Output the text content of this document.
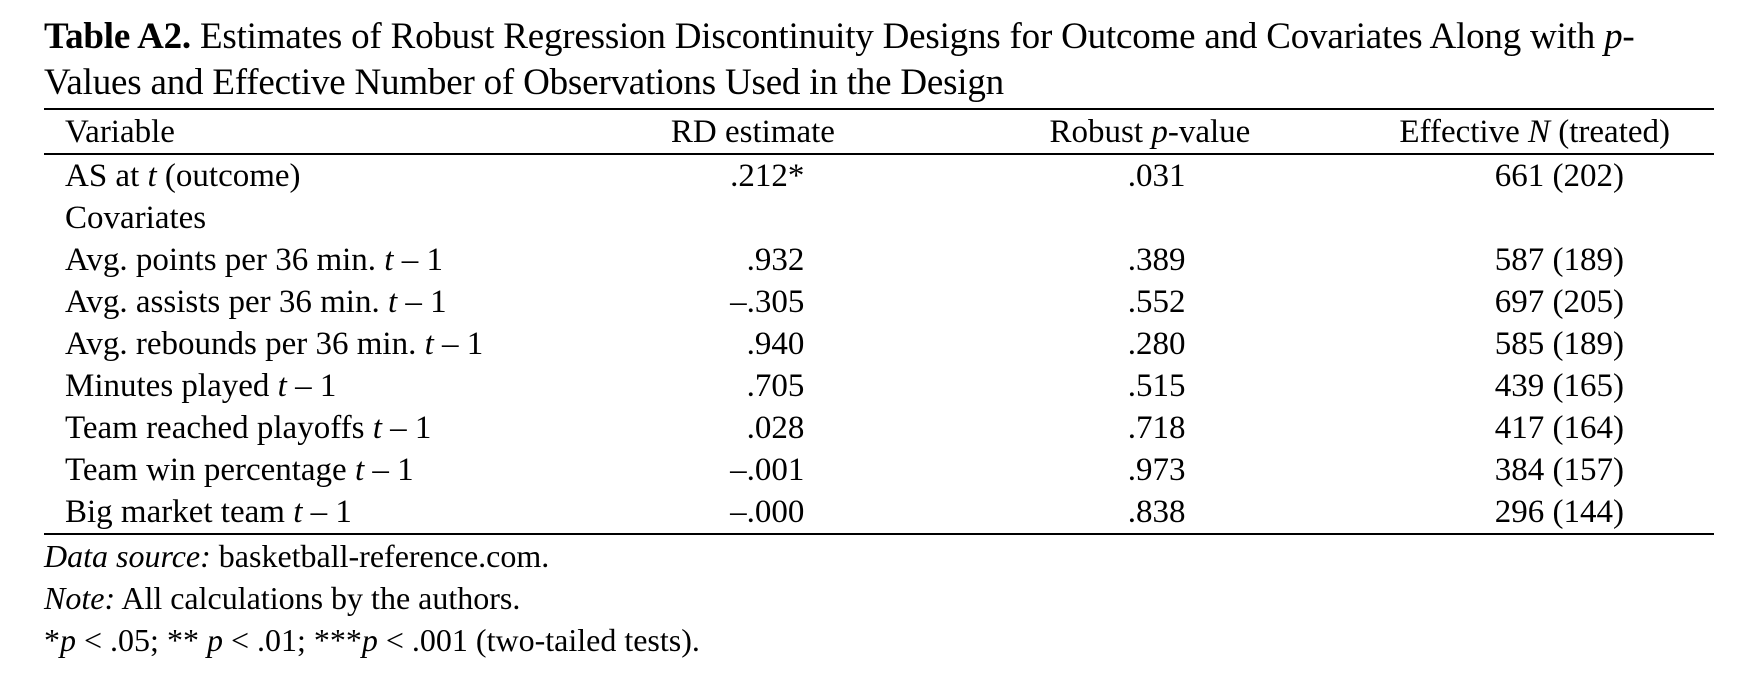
Table A2. Estimates of Robust Regression Discontinuity Designs for Outcome and Covariates Along with p-Values and Effective Number of Observations Used in the Design

Variable	RD estimate	Robust p-value	Effective N (treated)
AS at t (outcome)	.212*	.031	661 (202)
Covariates			
Avg. points per 36 min. t – 1	.932	.389	587 (189)
Avg. assists per 36 min. t – 1	–.305	.552	697 (205)
Avg. rebounds per 36 min. t – 1	.940	.280	585 (189)
Minutes played t – 1	.705	.515	439 (165)
Team reached playoffs t – 1	.028	.718	417 (164)
Team win percentage t – 1	–.001	.973	384 (157)
Big market team t – 1	–.000	.838	296 (144)

Data source: basketball-reference.com.

Note: All calculations by the authors.

*p < .05; ** p < .01; ***p < .001 (two-tailed tests).
